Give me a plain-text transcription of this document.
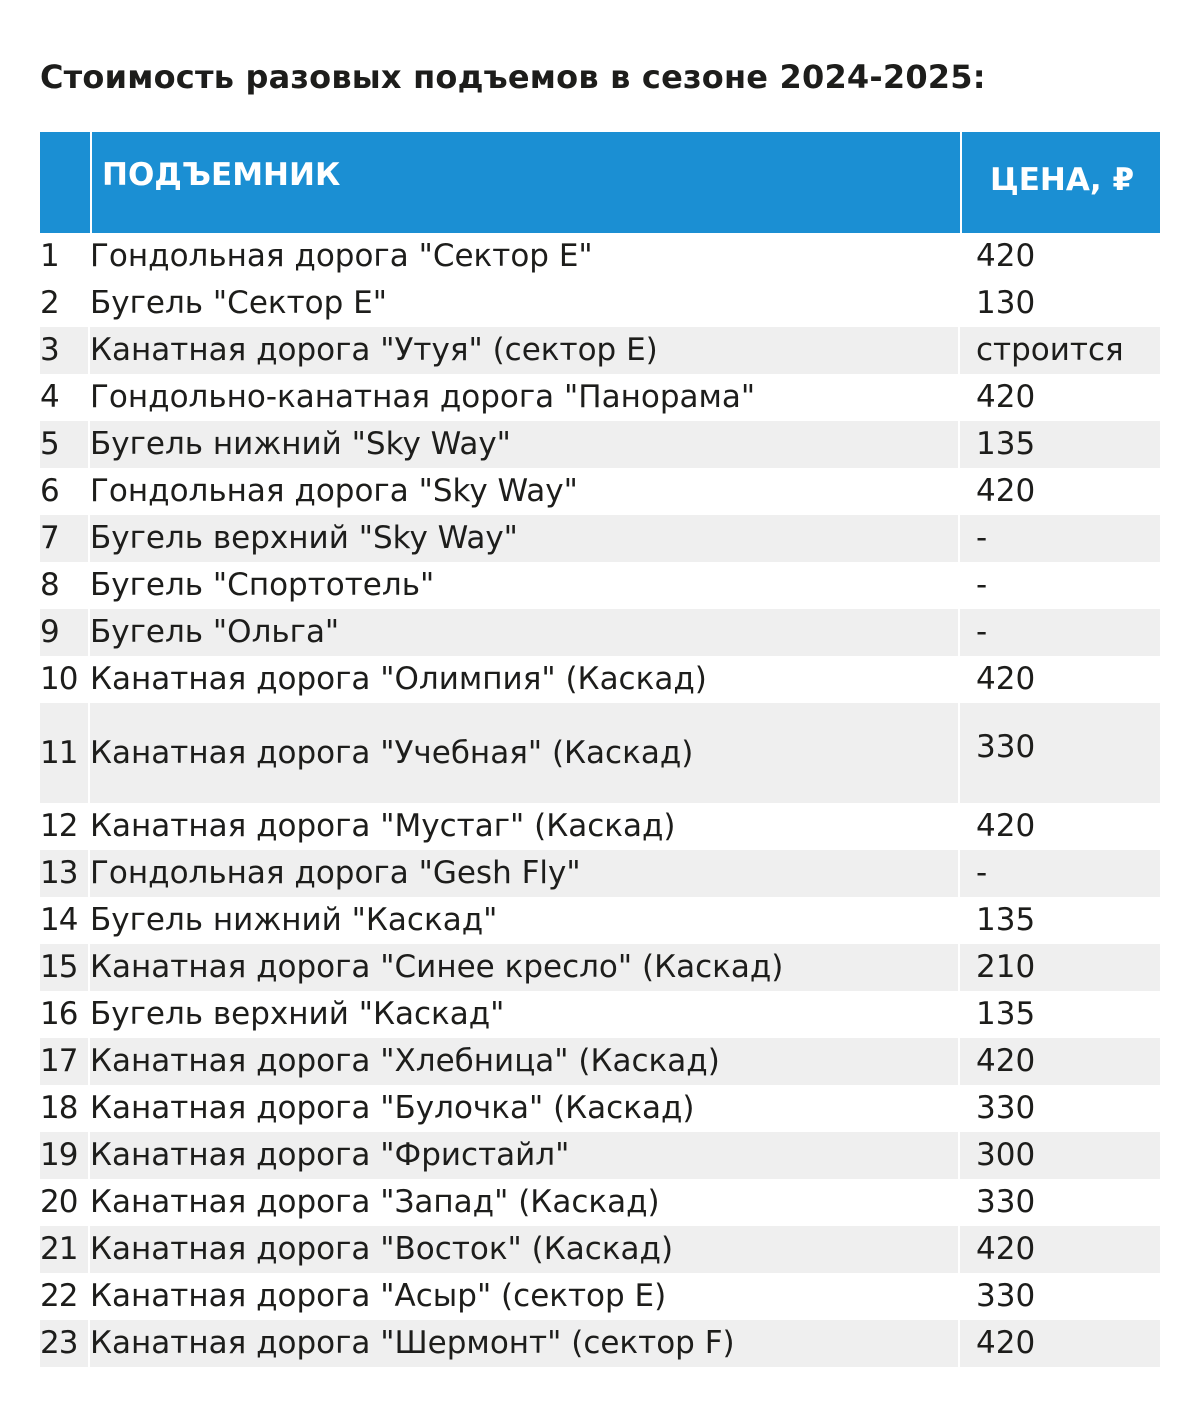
Стоимость разовых подъемов в сезоне 2024-2025:
ПОДЪЕМНИК	ЦЕНА, ₽
1	Гондольная дорога "Сектор Е"	420
2	Бугель "Сектор Е"	130
3	Канатная дорога "Утуя" (сектор Е)	строится
4	Гондольно-канатная дорога "Панорама"	420
5	Бугель нижний "Sky Way"	135
6	Гондольная дорога "Sky Way"	420
7	Бугель верхний "Sky Way"	-
8	Бугель "Спортотель"	-
9	Бугель "Ольга"	-
10 Канатная дорога "Олимпия" (Каскад)	420
11 Канатная дорога "Учебная" (Каскад)	330
12 Канатная дорога "Мустаг" (Каскад)	420
13 Гондольная дорога "Gesh Fly"	-
14 Бугель нижний "Каскад"	135
15 Канатная дорога "Синее кресло" (Каскад)	210
16 Бугель верхний "Каскад"	135
17 Канатная дорога "Хлебница" (Каскад)	420
18 Канатная дорога "Булочка" (Каскад)	330
19 Канатная дорога "Фристайл"	300
20 Канатная дорога "Запад" (Каскад)	330
21 Канатная дорога "Восток" (Каскад)	420
22 Канатная дорога "Асыр" (сектор Е)	330
23 Канатная дорога "Шермонт" (сектор F)	420
